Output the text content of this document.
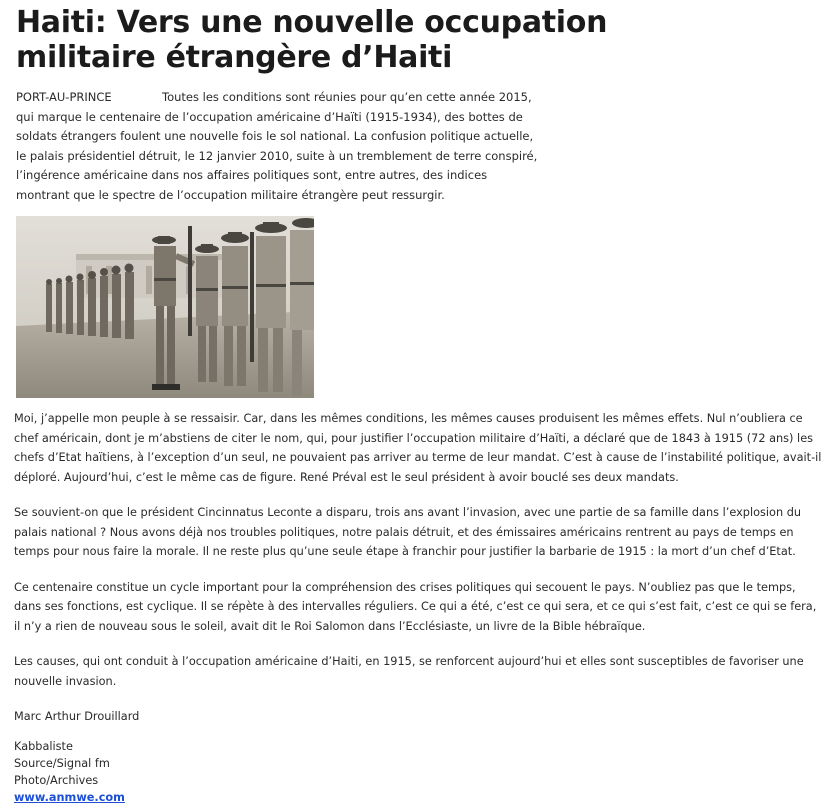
Haiti: Vers une nouvelle occupation militaire étrangère d’Haiti

PORT-AU-PRINCE	Toutes les conditions sont réunies pour qu’en cette année 2015, qui marque le centenaire de l’occupation américaine d’Haïti (1915-1934), des bottes de soldats étrangers foulent une nouvelle fois le sol national. La confusion politique actuelle, le palais présidentiel détruit, le 12 janvier 2010, suite à un tremblement de terre conspiré, l’ingérence américaine dans nos affaires politiques sont, entre autres, des indices montrant que le spectre de l’occupation militaire étrangère peut ressurgir.

Moi, j’appelle mon peuple à se ressaisir. Car, dans les mêmes conditions, les mêmes causes produisent les mêmes effets. Nul n’oubliera ce chef américain, dont je m’abstiens de citer le nom, qui, pour justifier l’occupation militaire d’Haïti, a déclaré que de 1843 à 1915 (72 ans) les chefs d’Etat haïtiens, à l’exception d’un seul, ne pouvaient pas arriver au terme de leur mandat. C’est à cause de l’instabilité politique, avait-il déploré. Aujourd’hui, c’est le même cas de figure. René Préval est le seul président à avoir bouclé ses deux mandats.

Se souvient-on que le président Cincinnatus Leconte a disparu, trois ans avant l’invasion, avec une partie de sa famille dans l’explosion du palais national ? Nous avons déjà nos troubles politiques, notre palais détruit, et des émissaires américains rentrent au pays de temps en temps pour nous faire la morale. Il ne reste plus qu’une seule étape à franchir pour justifier la barbarie de 1915 : la mort d’un chef d’Etat.

Ce centenaire constitue un cycle important pour la compréhension des crises politiques qui secouent le pays. N’oubliez pas que le temps, dans ses fonctions, est cyclique. Il se répète à des intervalles réguliers. Ce qui a été, c’est ce qui sera, et ce qui s’est fait, c’est ce qui se fera, il n’y a rien de nouveau sous le soleil, avait dit le Roi Salomon dans l’Ecclésiaste, un livre de la Bible hébraïque.

Les causes, qui ont conduit à l’occupation américaine d’Haiti, en 1915, se renforcent aujourd’hui et elles sont susceptibles de favoriser une nouvelle invasion.

Marc Arthur Drouillard

Kabbaliste
Source/Signal fm
Photo/Archives
www.anmwe.com
